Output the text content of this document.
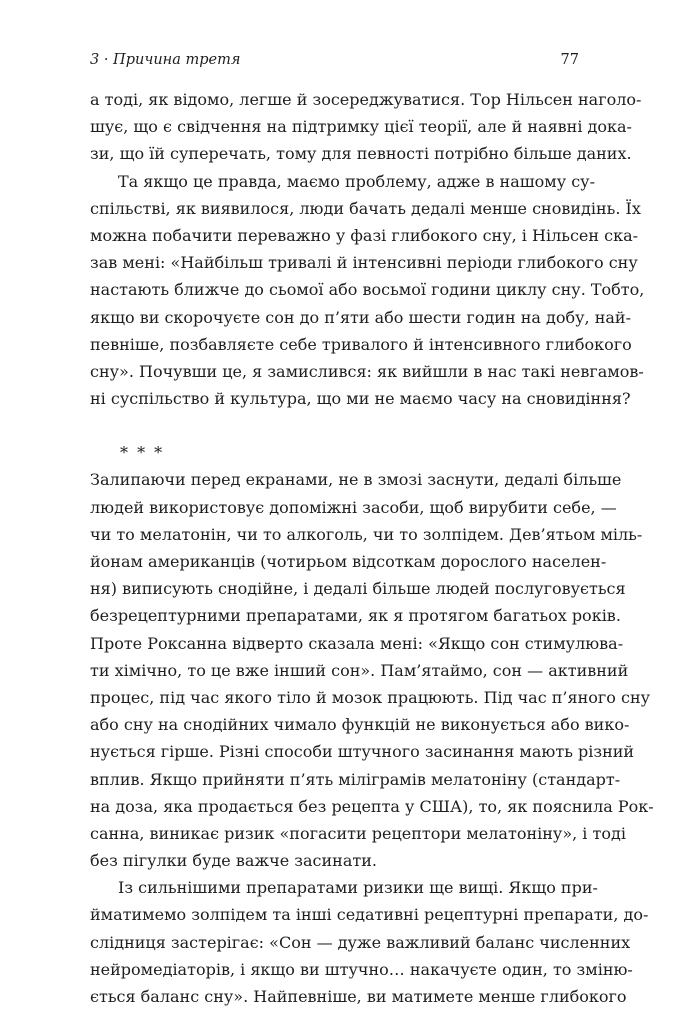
3 · Причина третя	77
а тоді, як відомо, легше й зосереджуватися. Тор Нільсен наголо-
шує, що є свідчення на підтримку цієї теорії, але й наявні дока-
зи, що їй суперечать, тому для певності потрібно більше даних.
Та якщо це правда, маємо проблему, адже в нашому су-
спільстві, як виявилося, люди бачать дедалі менше сновидінь. Їх
можна побачити переважно у фазі глибокого сну, і Нільсен ска-
зав мені: «Найбільш тривалі й інтенсивні періоди глибокого сну
настають ближче до сьомої або восьмої години циклу сну. Тобто,
якщо ви скорочуєте сон до п’яти або шести годин на добу, най-
певніше, позбавляєте себе тривалого й інтенсивного глибокого
сну». Почувши це, я замислився: як вийшли в нас такі невгамов-
ні суспільство й культура, що ми не маємо часу на сновидіння?
* * *
Залипаючи перед екранами, не в змозі заснути, дедалі більше
людей використовує допоміжні засоби, щоб вирубити себе, —
чи то мелатонін, чи то алкоголь, чи то золпідем. Дев’ятьом міль-
йонам американців (чотирьом відсоткам дорослого населен-
ня) виписують снодійне, і дедалі більше людей послуговується
безрецептурними препаратами, як я протягом багатьох років.
Проте Роксанна відверто сказала мені: «Якщо сон стимулюва-
ти хімічно, то це вже інший сон». Пам’ятаймо, сон — активний
процес, під час якого тіло й мозок працюють. Під час п’яного сну
або сну на снодійних чимало функцій не виконується або вико-
нується гірше. Різні способи штучного засинання мають різний
вплив. Якщо прийняти п’ять міліграмів мелатоніну (стандарт-
на доза, яка продається без рецепта у США), то, як пояснила Рок-
санна, виникає ризик «погасити рецептори мелатоніну», і тоді
без пігулки буде важче засинати.
Із сильнішими препаратами ризики ще вищі. Якщо при-
йматимемо золпідем та інші седативні рецептурні препарати, до-
слідниця застерігає: «Сон — дуже важливий баланс численних
нейромедіаторів, і якщо ви штучно… накачуєте один, то зміню-
ється баланс сну». Найпевніше, ви матимете менше глибокого
